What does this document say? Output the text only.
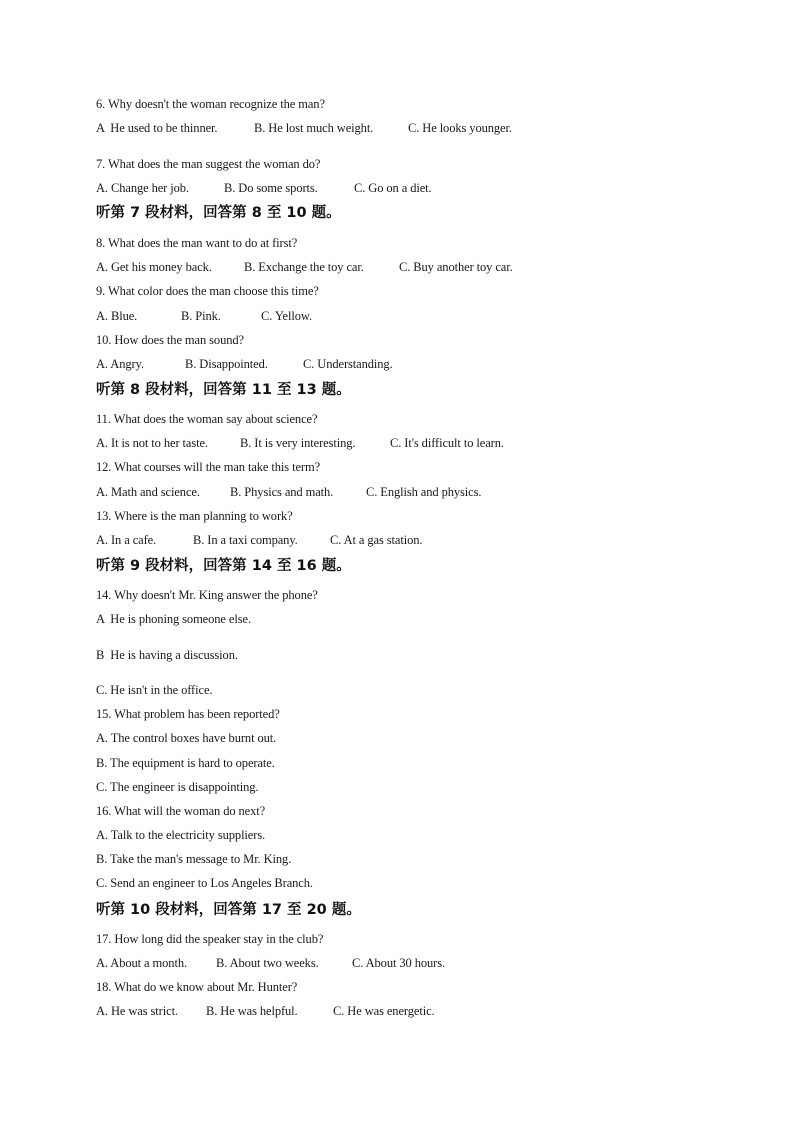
6. Why doesn't the woman recognize the man?
A  He used to be thinner.	B. He lost much weight.	C. He looks younger.
7. What does the man suggest the woman do?
A. Change her job.	B. Do some sports.	C. Go on a diet.
听第 7 段材料，回答第 8 至 10 题。
8. What does the man want to do at first?
A. Get his money back.	B. Exchange the toy car.	C. Buy another toy car.
9. What color does the man choose this time?
A. Blue.	B. Pink.	C. Yellow.
10. How does the man sound?
A. Angry.	B. Disappointed.	C. Understanding.
听第 8 段材料，回答第 11 至 13 题。
11. What does the woman say about science?
A. It is not to her taste.	B. It is very interesting.	C. It's difficult to learn.
12. What courses will the man take this term?
A. Math and science. B. Physics and math.	C. English and physics.
13. Where is the man planning to work?
A. In a cafe.	B. In a taxi company.	C. At a gas station.
听第 9 段材料，回答第 14 至 16 题。
14. Why doesn't Mr. King answer the phone?
A  He is phoning someone else.
B  He is having a discussion.
C. He isn't in the office.
15. What problem has been reported?
A. The control boxes have burnt out.
B. The equipment is hard to operate.
C. The engineer is disappointing.
16. What will the woman do next?
A. Talk to the electricity suppliers.
B. Take the man's message to Mr. King.
C. Send an engineer to Los Angeles Branch.
听第 10 段材料，回答第 17 至 20 题。
17. How long did the speaker stay in the club?
A. About a month. B. About two weeks.	C. About 30 hours.
18. What do we know about Mr. Hunter?
A. He was strict. B. He was helpful.	C. He was energetic.
